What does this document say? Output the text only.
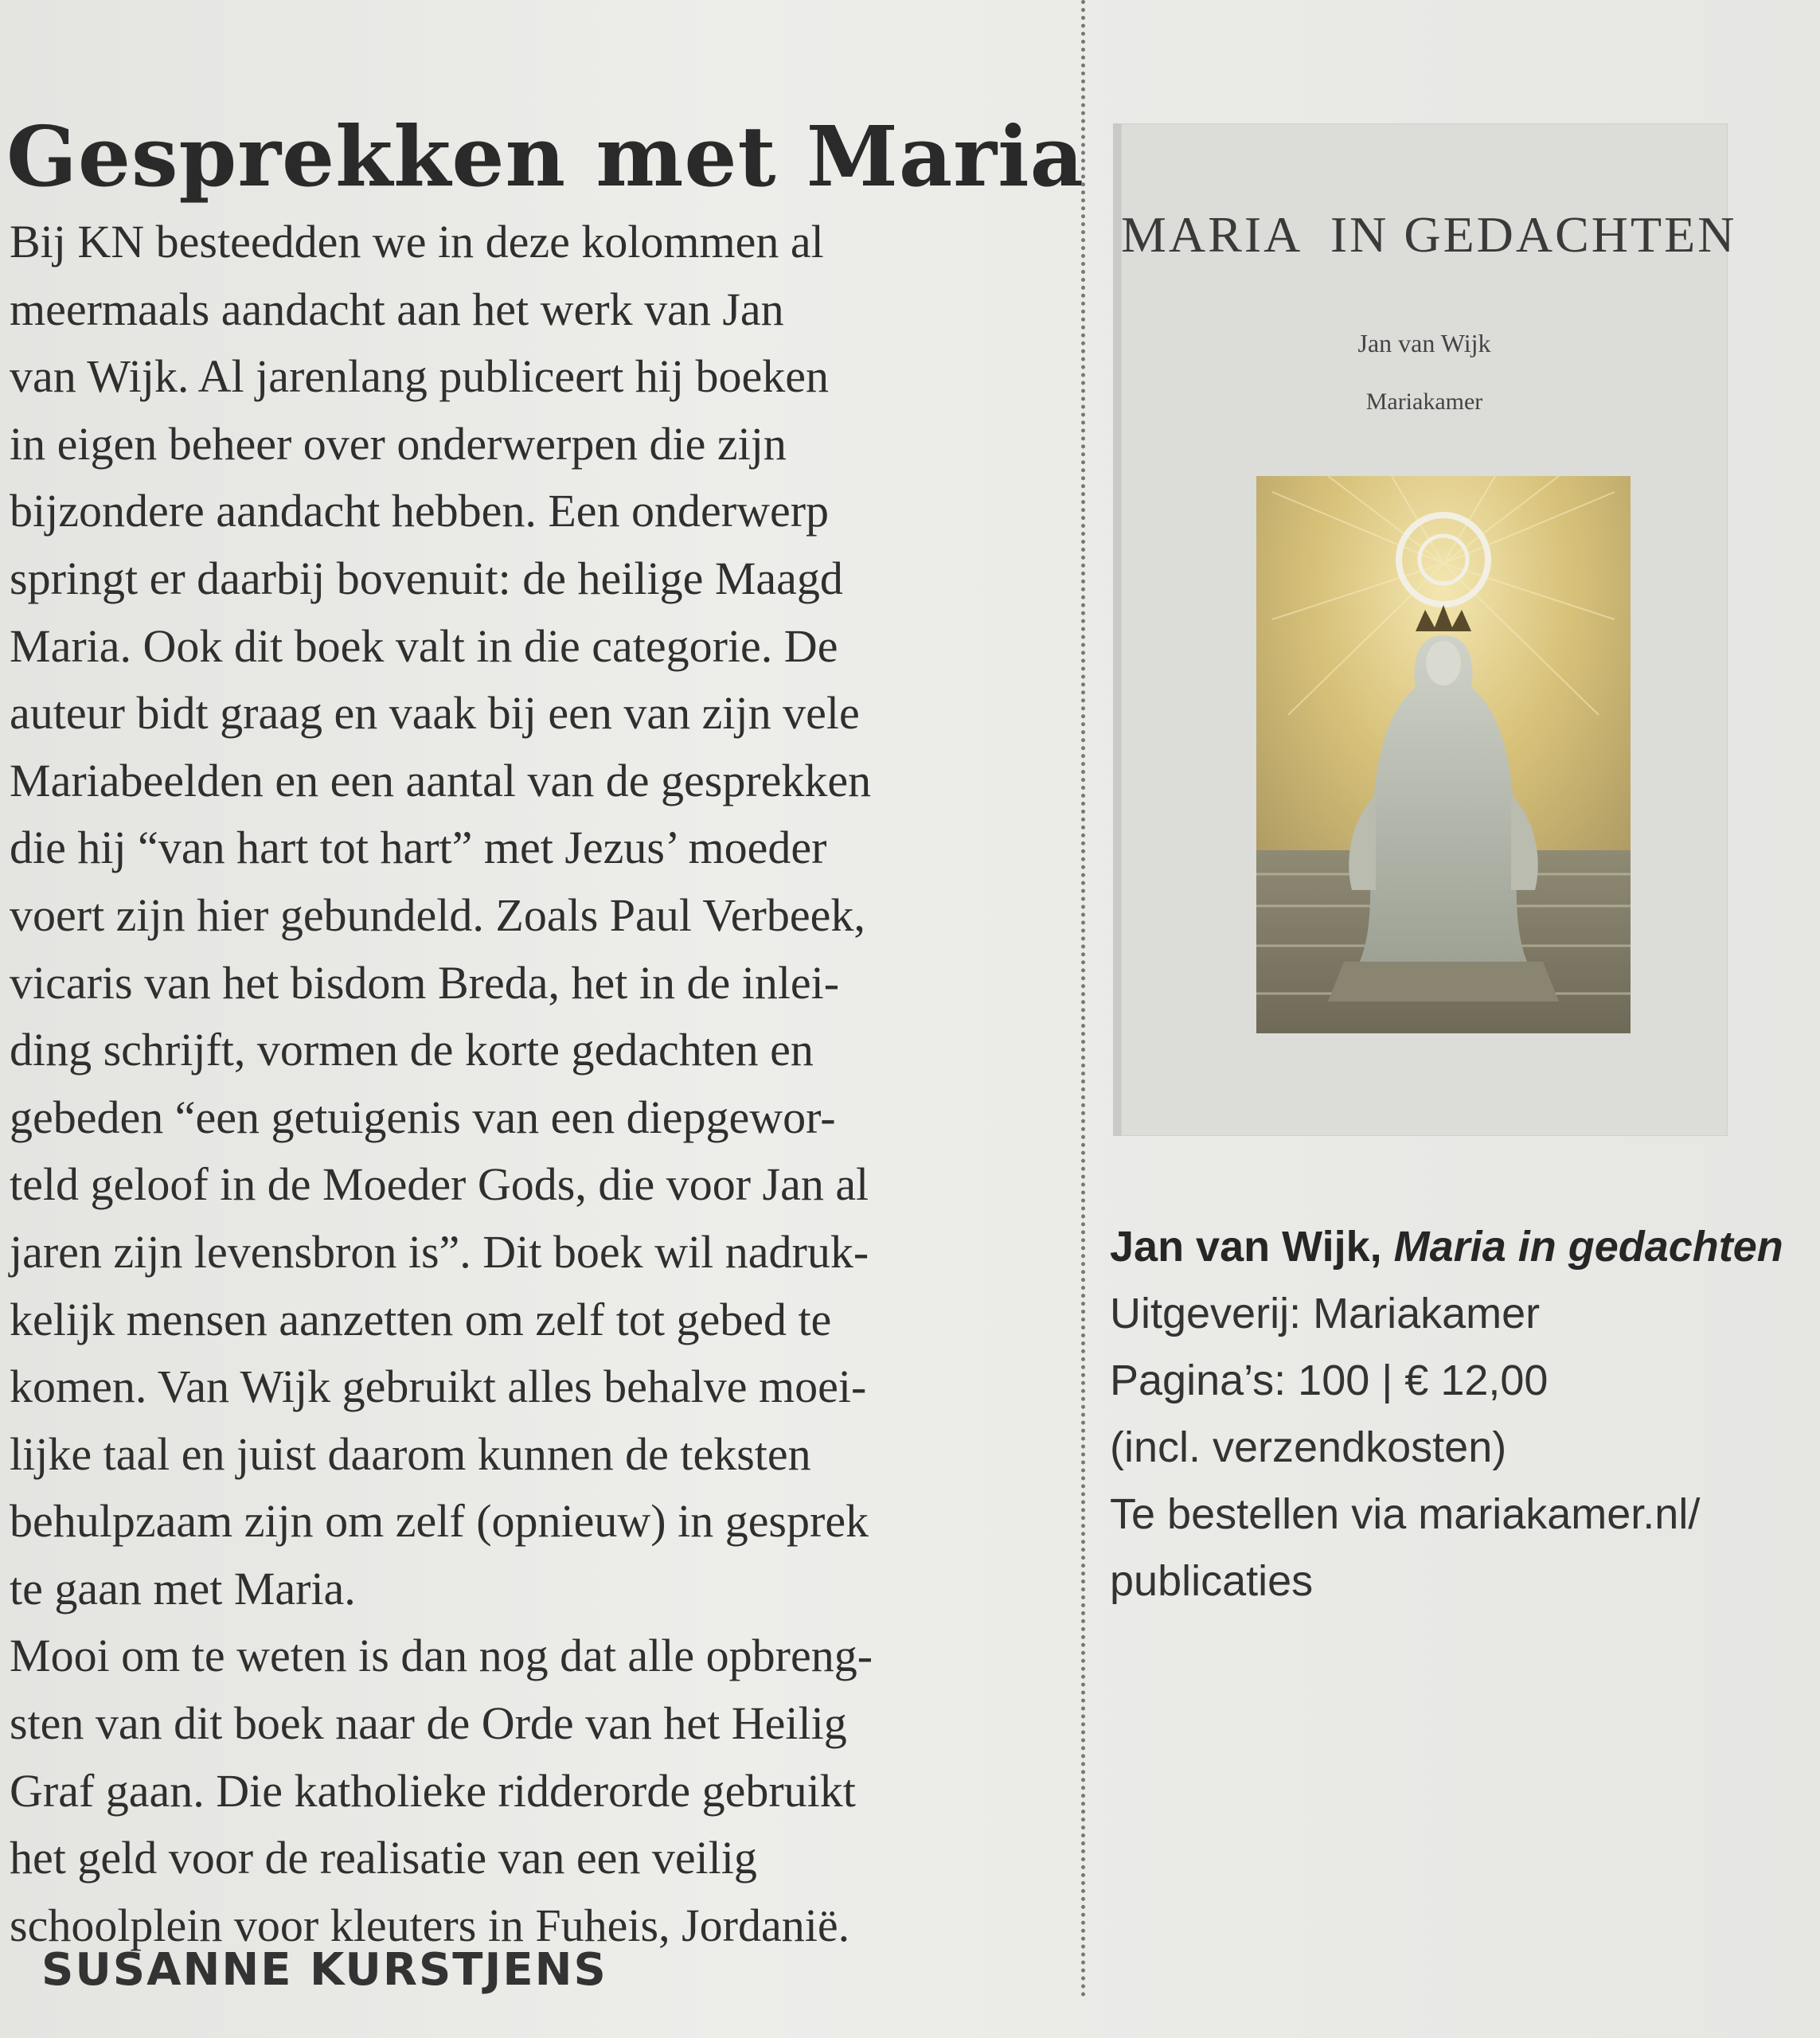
Gesprekken met Maria
Bij KN besteedden we in deze kolommen al
meermaals aandacht aan het werk van Jan
van Wijk. Al jarenlang publiceert hij boeken
in eigen beheer over onderwerpen die zijn
bijzondere aandacht hebben. Een onderwerp
springt er daarbij bovenuit: de heilige Maagd
Maria. Ook dit boek valt in die categorie. De
auteur bidt graag en vaak bij een van zijn vele
Mariabeelden en een aantal van de gesprekken
die hij “van hart tot hart” met Jezus’ moeder
voert zijn hier gebundeld. Zoals Paul Verbeek,
vicaris van het bisdom Breda, het in de inlei-
ding schrijft, vormen de korte gedachten en
gebeden “een getuigenis van een diepgewor-
teld geloof in de Moeder Gods, die voor Jan al
jaren zijn levensbron is”. Dit boek wil nadruk-
kelijk mensen aanzetten om zelf tot gebed te
komen. Van Wijk gebruikt alles behalve moei-
lijke taal en juist daarom kunnen de teksten
behulpzaam zijn om zelf (opnieuw) in gesprek
te gaan met Maria.
Mooi om te weten is dan nog dat alle opbreng-
sten van dit boek naar de Orde van het Heilig
Graf gaan. Die katholieke ridderorde gebruikt
het geld voor de realisatie van een veilig
schoolplein voor kleuters in Fuheis, Jordanië.
SUSANNE KURSTJENS
MARIA  IN GEDACHTEN
Jan van Wijk
Mariakamer
Jan van Wijk, Maria in gedachten
Uitgeverij: Mariakamer
Pagina’s: 100 | € 12,00
(incl. verzendkosten)
Te bestellen via mariakamer.nl/
publicaties
